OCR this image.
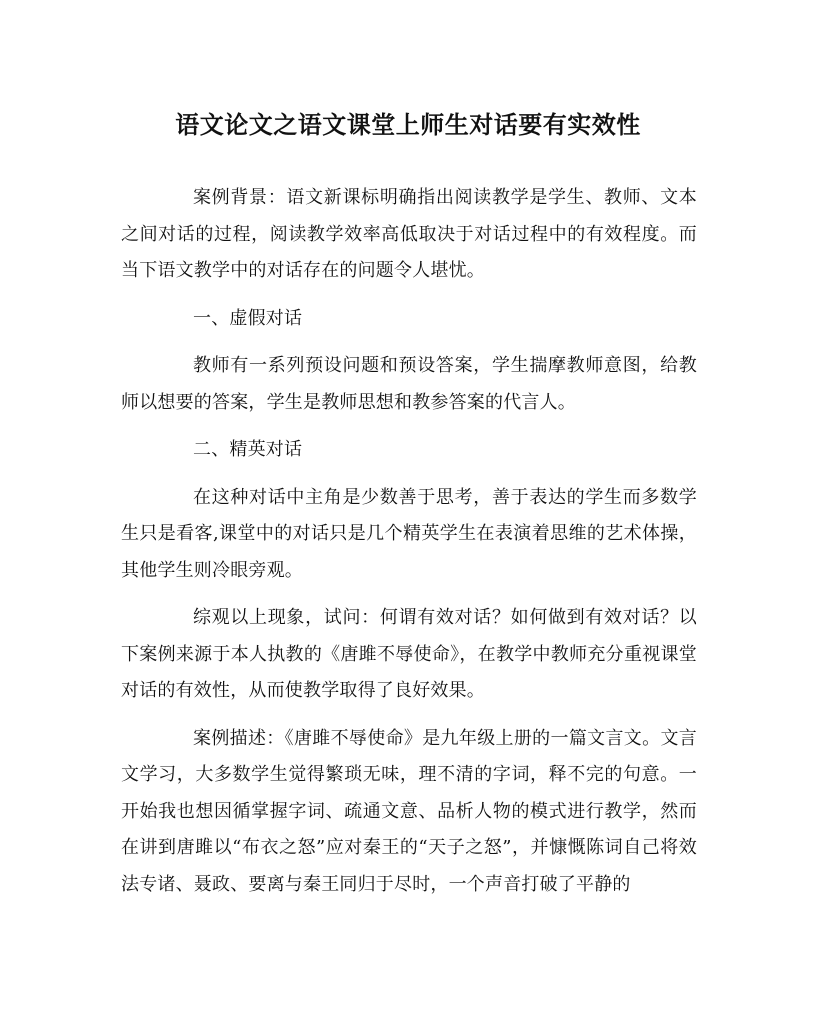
语文论文之语文课堂上师生对话要有实效性

案例背景：语文新课标明确指出阅读教学是学生、教师、文本之间对话的过程，阅读教学效率高低取决于对话过程中的有效程度。而当下语文教学中的对话存在的问题令人堪忧。

一、虚假对话

教师有一系列预设问题和预设答案，学生揣摩教师意图，给教师以想要的答案，学生是教师思想和教参答案的代言人。

二、精英对话

在这种对话中主角是少数善于思考，善于表达的学生而多数学生只是看客,课堂中的对话只是几个精英学生在表演着思维的艺术体操，其他学生则冷眼旁观。

综观以上现象，试问：何谓有效对话？如何做到有效对话？以下案例来源于本人执教的《唐雎不辱使命》，在教学中教师充分重视课堂对话的有效性，从而使教学取得了良好效果。

案例描述：《唐雎不辱使命》是九年级上册的一篇文言文。文言文学习，大多数学生觉得繁琐无味，理不清的字词，释不完的句意。一开始我也想因循掌握字词、疏通文意、品析人物的模式进行教学，然而在讲到唐雎以“布衣之怒”应对秦王的“天子之怒”，并慷慨陈词自己将效法专诸、聂政、要离与秦王同归于尽时，一个声音打破了平静的
